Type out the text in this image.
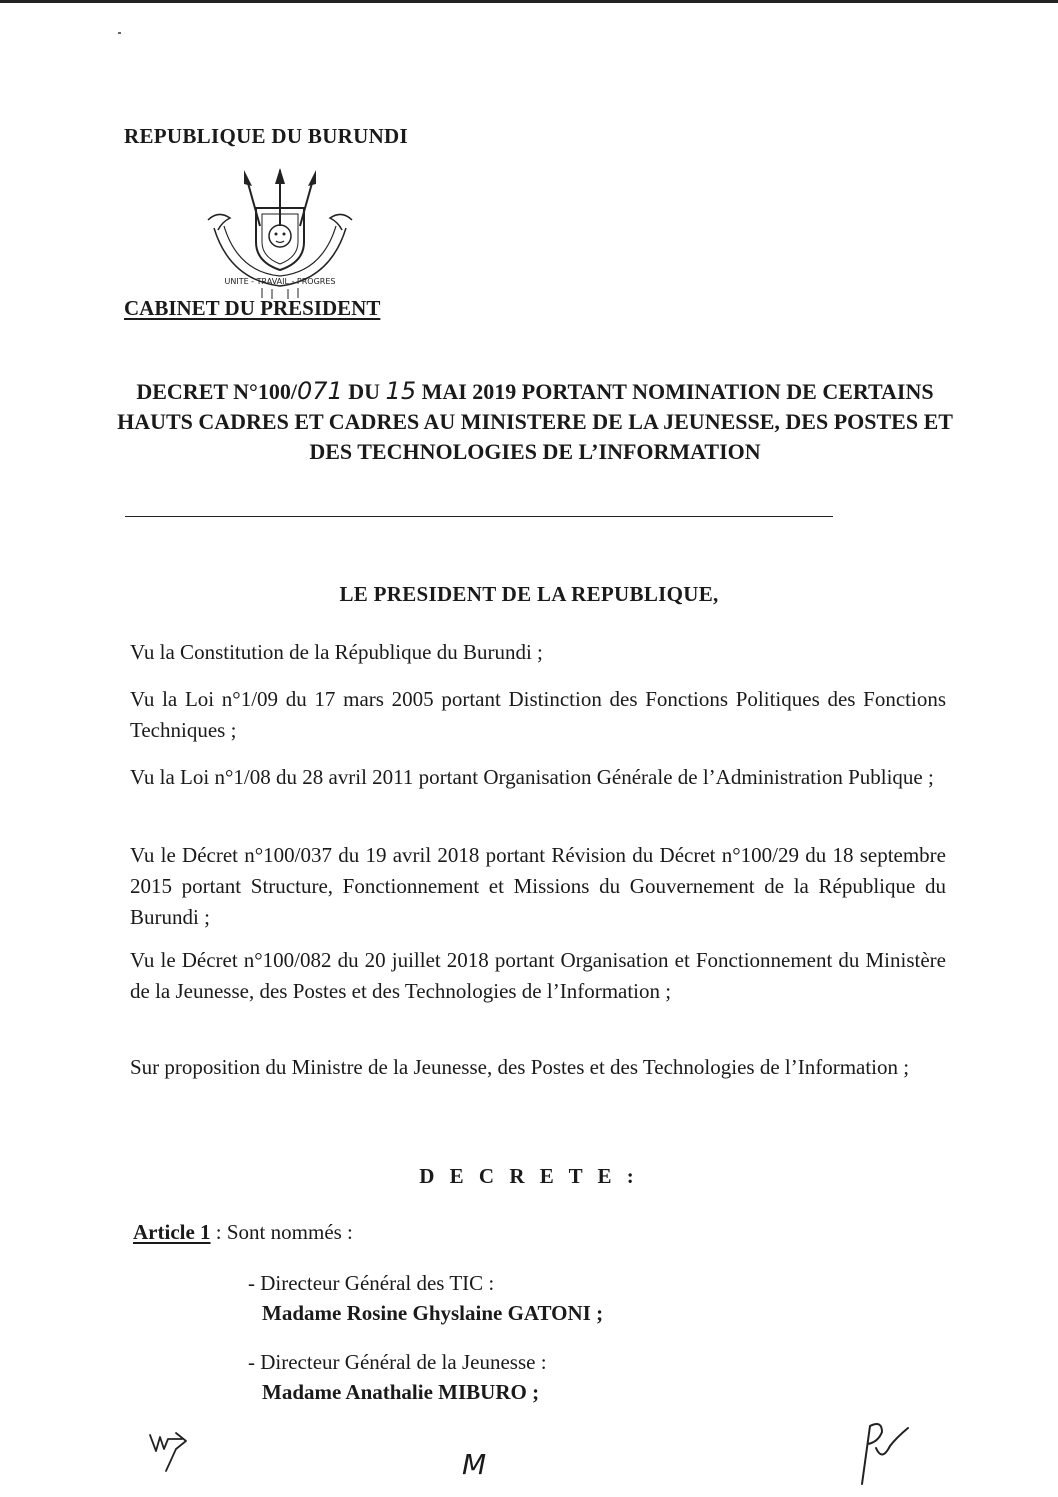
REPUBLIQUE DU BURUNDI
UNITE - TRAVAIL - PROGRES
CABINET DU PRESIDENT
DECRET N°100/071 DU 15 MAI 2019 PORTANT NOMINATION DE CERTAINS HAUTS CADRES ET CADRES AU MINISTERE DE LA JEUNESSE, DES POSTES ET DES TECHNOLOGIES DE L’INFORMATION
LE PRESIDENT DE LA REPUBLIQUE,
Vu la Constitution de la République du Burundi ;
Vu la Loi n°1/09 du 17 mars 2005 portant Distinction des Fonctions Politiques des Fonctions Techniques ;
Vu la Loi n°1/08 du 28 avril 2011 portant Organisation Générale de l’Administration Publique ;
Vu le Décret n°100/037 du 19 avril 2018 portant Révision du Décret n°100/29 du 18 septembre 2015 portant Structure, Fonctionnement et Missions du Gouvernement de la République du Burundi ;
Vu le Décret n°100/082 du 20 juillet 2018 portant Organisation et Fonctionnement du Ministère de la Jeunesse, des Postes et des Technologies de l’Information ;
Sur proposition du Ministre de la Jeunesse, des Postes et des Technologies de l’Information ;
D E C R E T E :
Article 1 : Sont nommés :
- Directeur Général des TIC :
Madame Rosine Ghyslaine GATONI ;
- Directeur Général de la Jeunesse :
Madame Anathalie MIBURO ;
M
